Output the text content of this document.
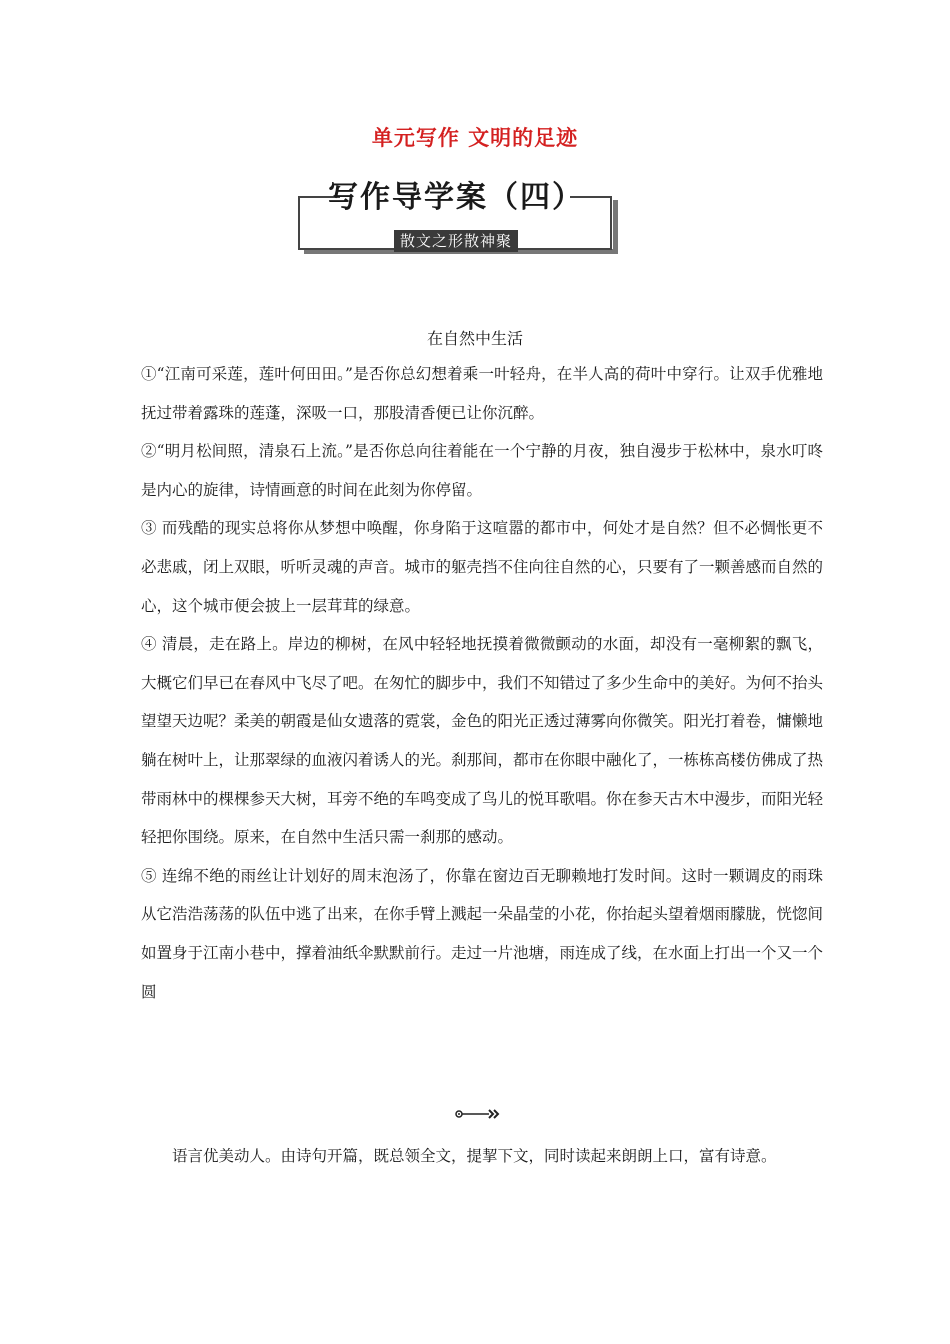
单元写作 文明的足迹
写作导学案（四）
散文之形散神聚
在自然中生活

①“江南可采莲，莲叶何田田。”是否你总幻想着乘一叶轻舟，在半人高的荷叶中穿行。让双手优雅地抚过带着露珠的莲蓬，深吸一口，那股清香便已让你沉醉。

②“明月松间照，清泉石上流。”是否你总向往着能在一个宁静的月夜，独自漫步于松林中，泉水叮咚是内心的旋律，诗情画意的时间在此刻为你停留。

③ 而残酷的现实总将你从梦想中唤醒，你身陷于这喧嚣的都市中，何处才是自然？但不必惆怅更不必悲戚，闭上双眼，听听灵魂的声音。城市的躯壳挡不住向往自然的心，只要有了一颗善感而自然的心，这个城市便会披上一层茸茸的绿意。

④ 清晨，走在路上。岸边的柳树，在风中轻轻地抚摸着微微颤动的水面，却没有一毫柳絮的飘飞，大概它们早已在春风中飞尽了吧。在匆忙的脚步中，我们不知错过了多少生命中的美好。为何不抬头望望天边呢？柔美的朝霞是仙女遗落的霓裳，金色的阳光正透过薄雾向你微笑。阳光打着卷，慵懒地躺在树叶上，让那翠绿的血液闪着诱人的光。刹那间，都市在你眼中融化了，一栋栋高楼仿佛成了热带雨林中的棵棵参天大树，耳旁不绝的车鸣变成了鸟儿的悦耳歌唱。你在参天古木中漫步，而阳光轻轻把你围绕。原来，在自然中生活只需一刹那的感动。

⑤ 连绵不绝的雨丝让计划好的周末泡汤了，你靠在窗边百无聊赖地打发时间。这时一颗调皮的雨珠从它浩浩荡荡的队伍中逃了出来，在你手臂上溅起一朵晶莹的小花，你抬起头望着烟雨朦胧，恍惚间如置身于江南小巷中，撑着油纸伞默默前行。走过一片池塘，雨连成了线，在水面上打出一个又一个圆

语言优美动人。由诗句开篇，既总领全文，提挈下文，同时读起来朗朗上口，富有诗意。
